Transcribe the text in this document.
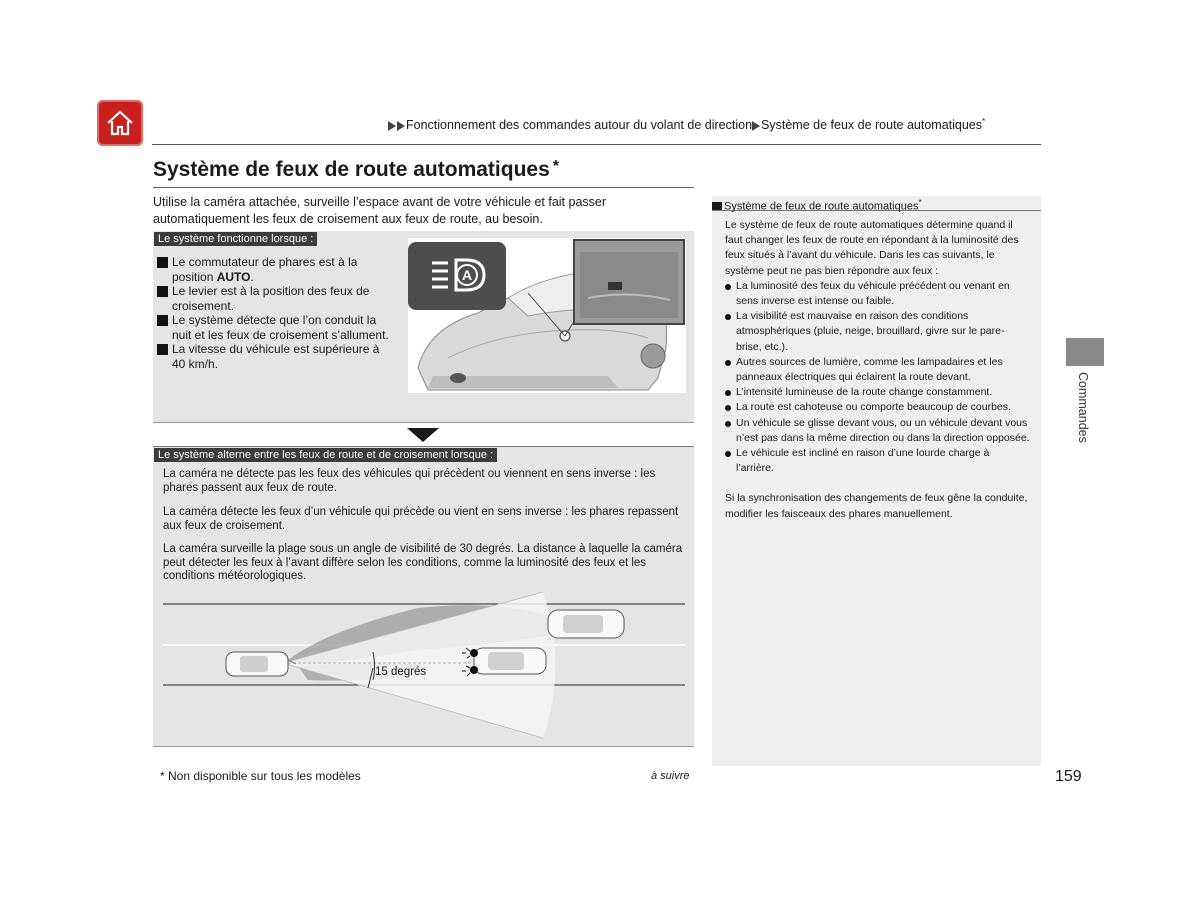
Fonctionnement des commandes autour du volant de direction Système de feux de route automatiques*
Système de feux de route automatiques *
Utilise la caméra attachée, surveille l’espace avant de votre véhicule et fait passer automatiquement les feux de croisement aux feux de route, au besoin.
Le système fonctionne lorsque :
Le commutateur de phares est à la position AUTO.
Le levier est à la position des feux de croisement.
Le système détecte que l’on conduit la nuit et les feux de croisement s’allument.
La vitesse du véhicule est supérieure à 40 km/h.
A
Le système alterne entre les feux de route et de croisement lorsque :
La caméra ne détecte pas les feux des véhicules qui précèdent ou viennent en sens inverse : les phares passent aux feux de route.
La caméra détecte les feux d’un véhicule qui précède ou vient en sens inverse : les phares repassent aux feux de croisement.
La caméra surveille la plage sous un angle de visibilité de 30 degrés. La distance à laquelle la caméra peut détecter les feux à l’avant diffère selon les conditions, comme la luminosité des feux et les conditions météorologiques.
15 degrés
* Non disponible sur tous les modèles	à suivre	159
Système de feux de route automatiques*

Le système de feux de route automatiques détermine quand il faut changer les feux de route en répondant à la luminosité des feux situés à l’avant du véhicule. Dans les cas suivants, le système peut ne pas bien répondre aux feux :

La luminosité des feux du véhicule précédent ou venant en sens inverse est intense ou faible.

La visibilité est mauvaise en raison des conditions atmosphériques (pluie, neige, brouillard, givre sur le pare-brise, etc.).

Autres sources de lumière, comme les lampadaires et les panneaux électriques qui éclairent la route devant.

L’intensité lumineuse de la route change constamment.

La route est cahoteuse ou comporte beaucoup de courbes.

Un véhicule se glisse devant vous, ou un véhicule devant vous n’est pas dans la même direction ou dans la direction opposée.

Le véhicule est incliné en raison d’une lourde charge à l’arrière.

Si la synchronisation des changements de feux gêne la conduite, modifier les faisceaux des phares manuellement.

Commandes
